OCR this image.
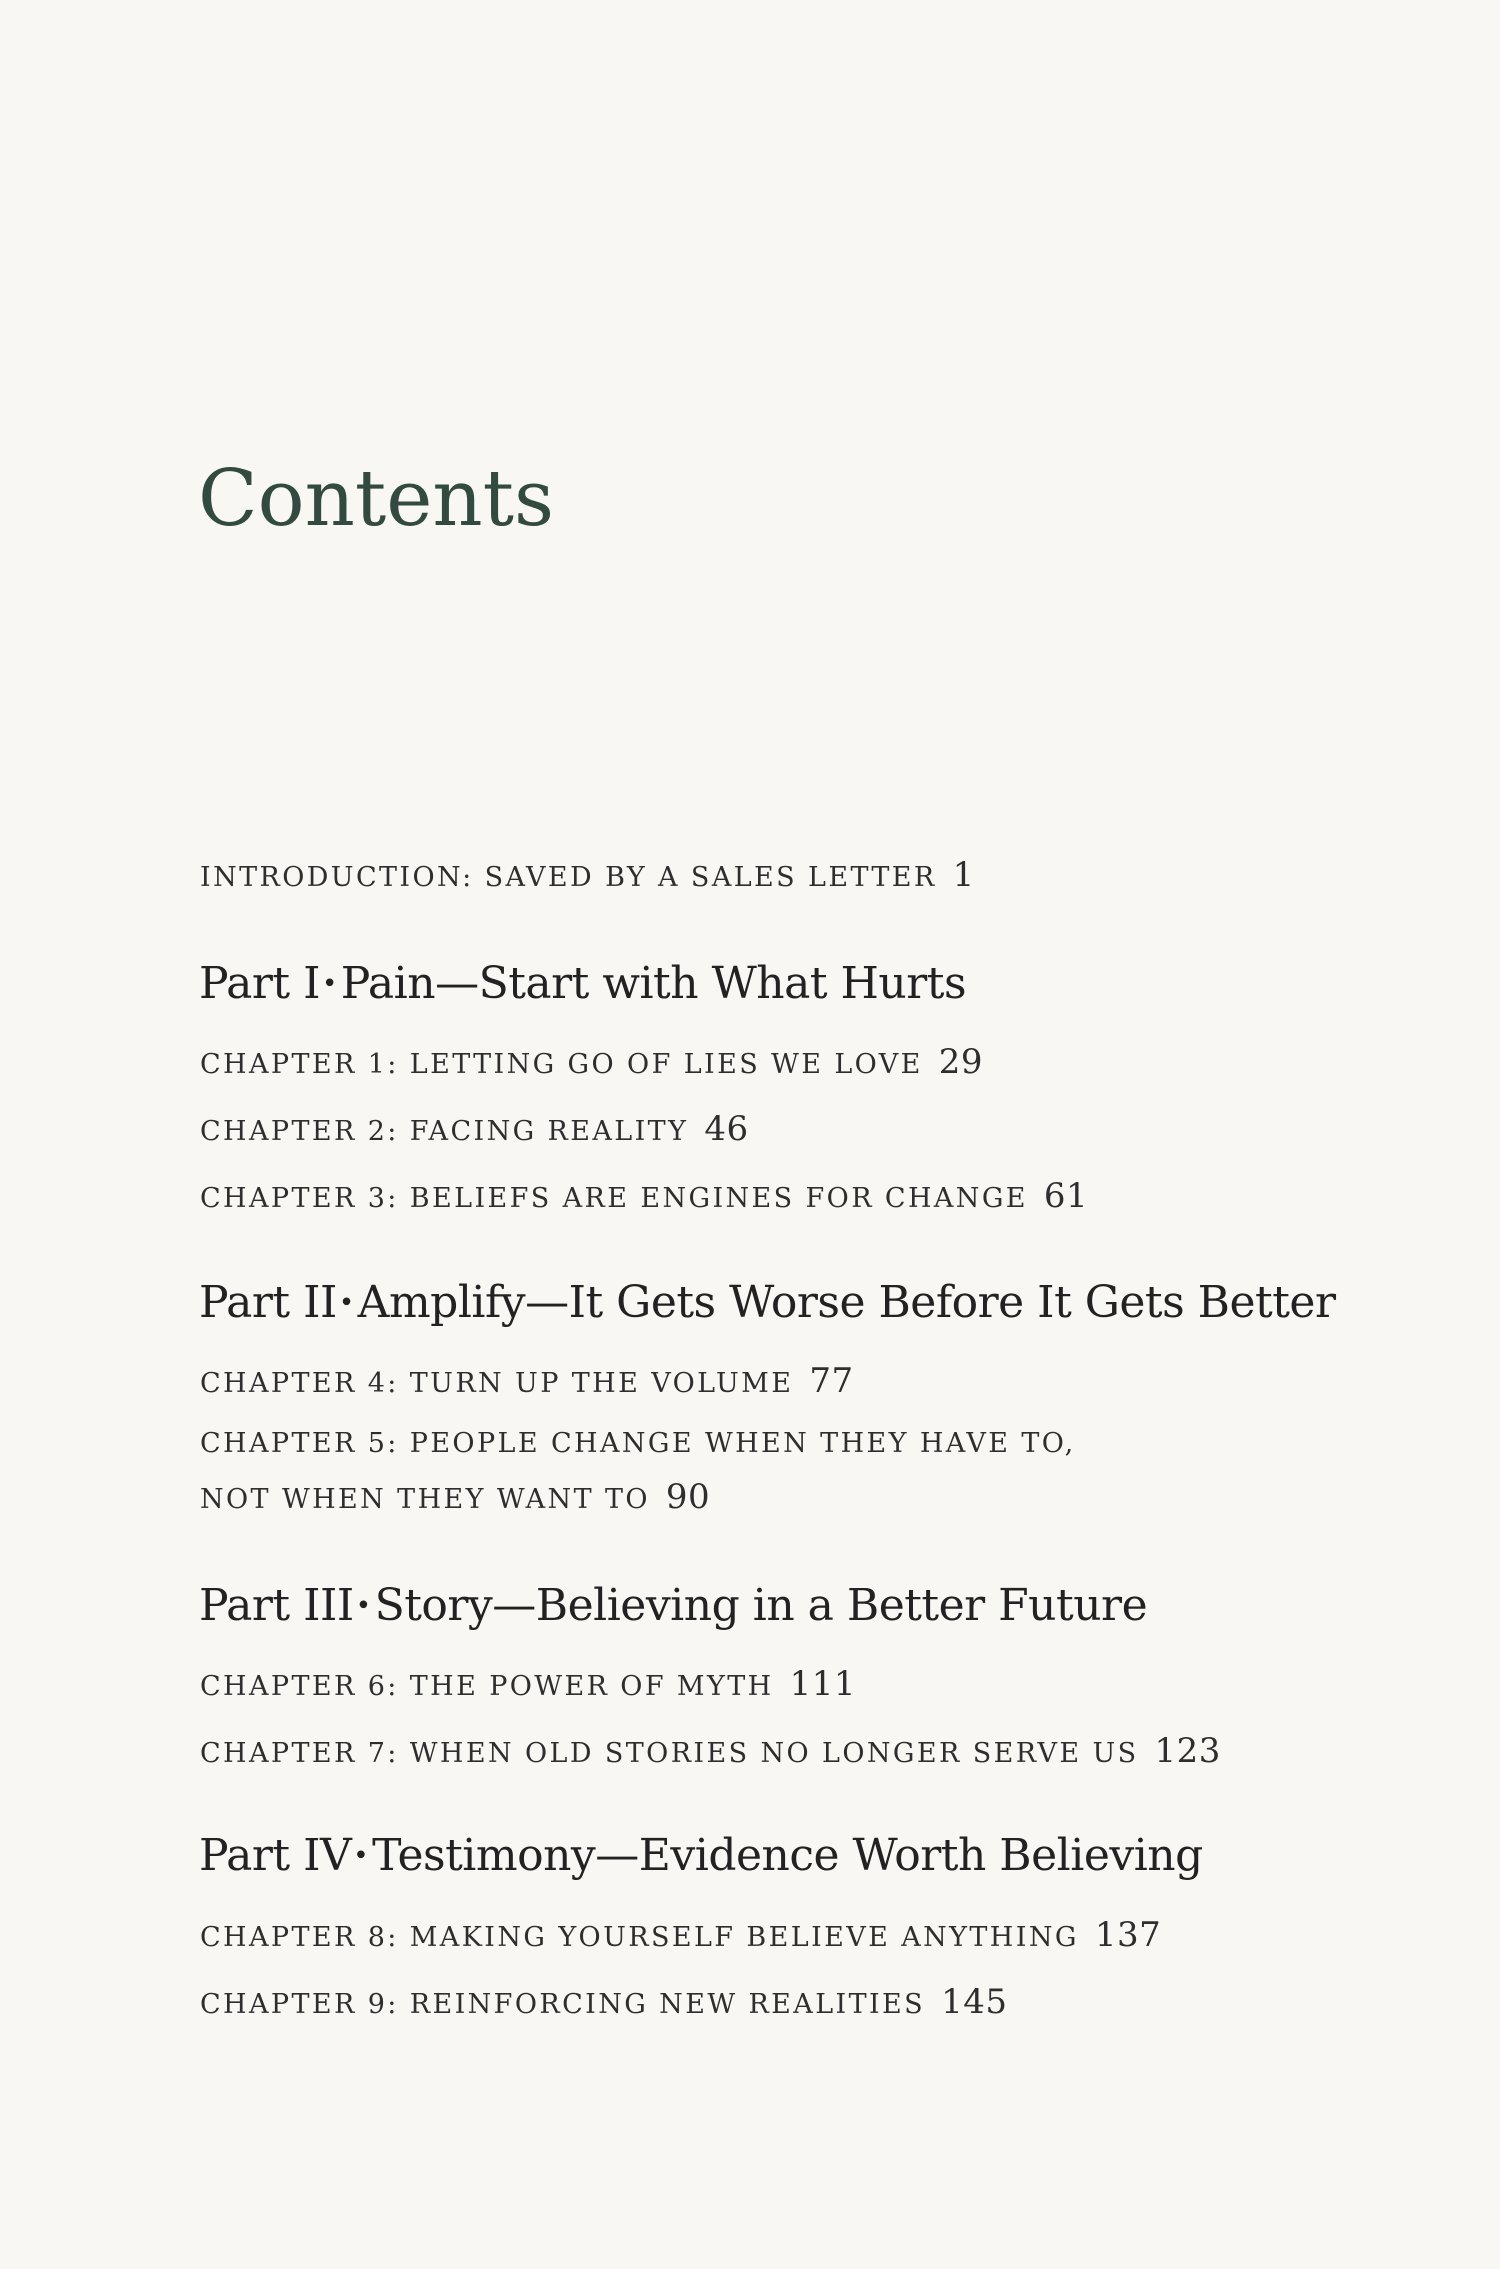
Contents
INTRODUCTION: SAVED BY A SALES LETTER 1
Part I•Pain—Start with What Hurts
CHAPTER 1: LETTING GO OF LIES WE LOVE 29
CHAPTER 2: FACING REALITY 46
CHAPTER 3: BELIEFS ARE ENGINES FOR CHANGE 61
Part II•Amplify—It Gets Worse Before It Gets Better
CHAPTER 4: TURN UP THE VOLUME 77
CHAPTER 5: PEOPLE CHANGE WHEN THEY HAVE TO,
NOT WHEN THEY WANT TO 90
Part III•Story—Believing in a Better Future
CHAPTER 6: THE POWER OF MYTH 111
CHAPTER 7: WHEN OLD STORIES NO LONGER SERVE US 123
Part IV•Testimony—Evidence Worth Believing
CHAPTER 8: MAKING YOURSELF BELIEVE ANYTHING 137
CHAPTER 9: REINFORCING NEW REALITIES 145
